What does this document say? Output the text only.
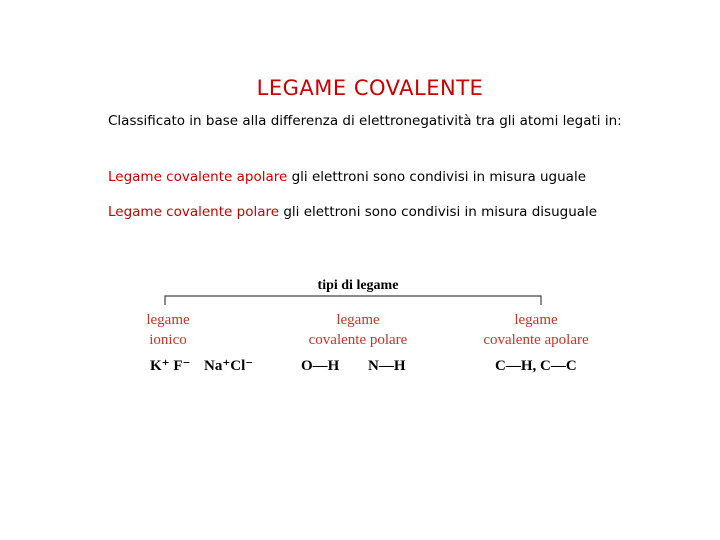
LEGAME COVALENTE
Classificato in base alla differenza di elettronegatività tra gli atomi legati in:
Legame covalente apolare gli elettroni sono condivisi in misura uguale
Legame covalente polare gli elettroni sono condivisi in misura disuguale
tipi di legame
legame
ionico
K⁺ F⁻ Na⁺Cl⁻
legame
covalente polare
O—H N—H
legame
covalente apolare
C—H, C—C
